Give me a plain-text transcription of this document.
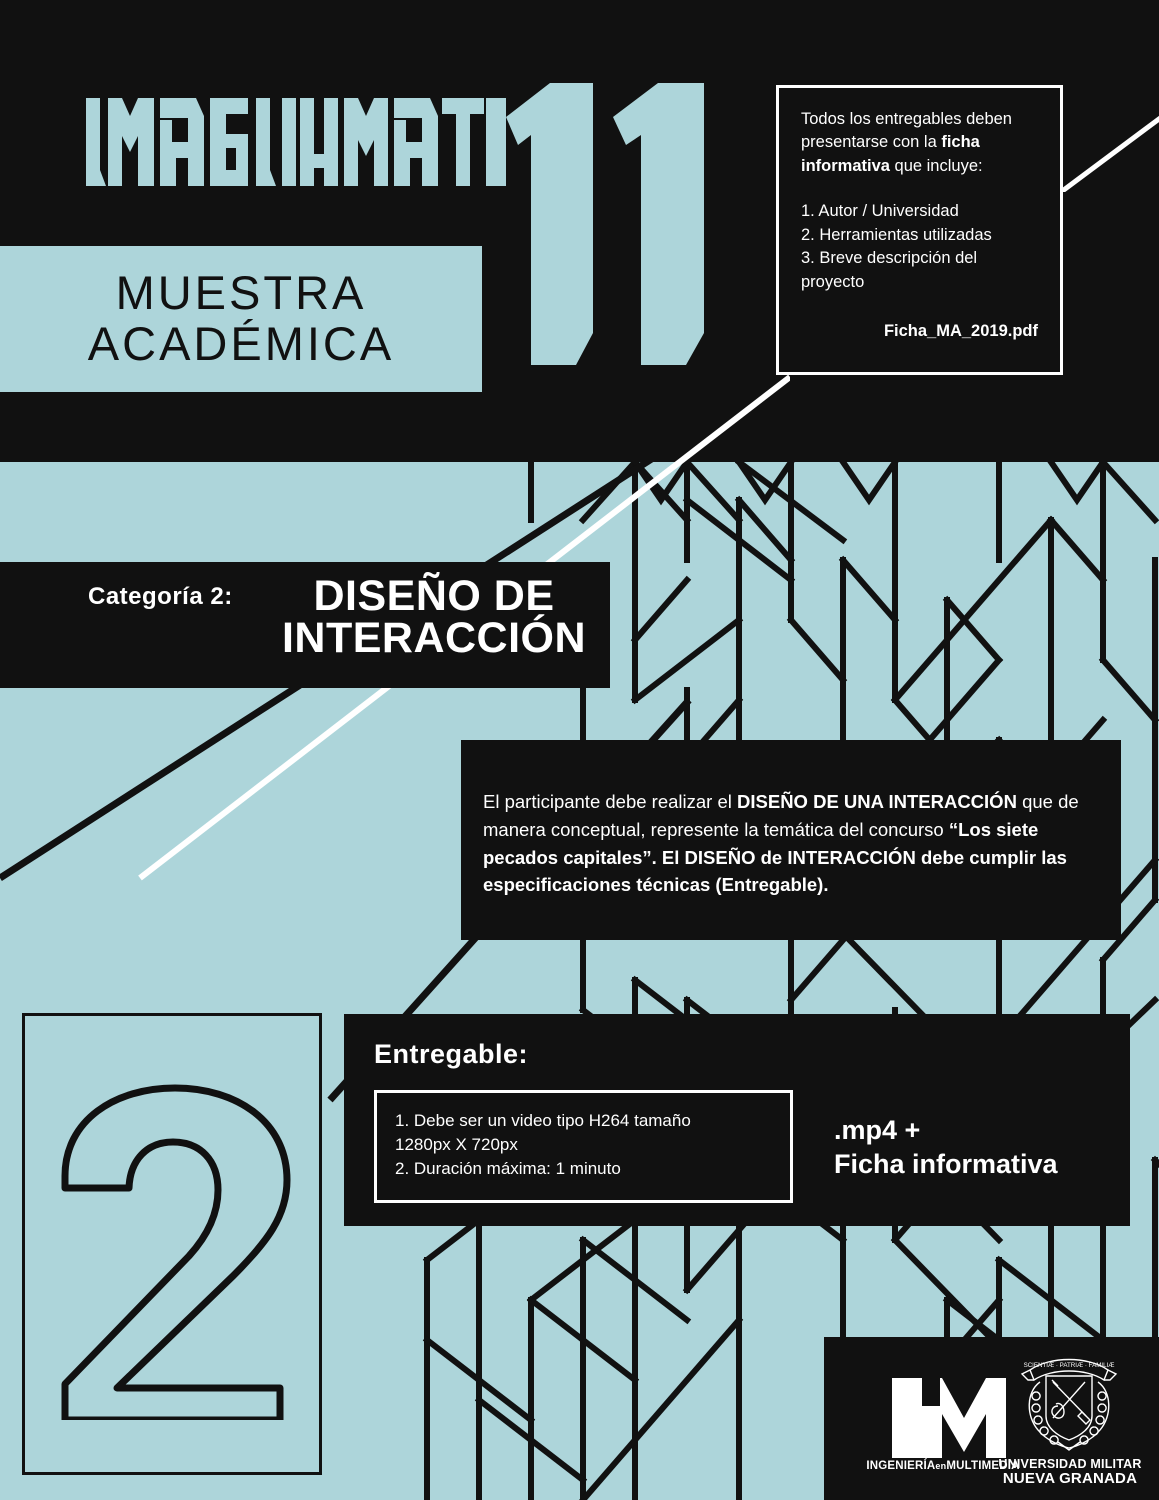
MUESTRA
ACADÉMICA

Todos los entregables deben presentarse con la ficha informativa que incluye:

1. Autor / Universidad
2. Herramientas utilizadas
3. Breve descripción del proyecto

Ficha_MA_2019.pdf

Categoría 2:	DISEÑO DE
INTERACCIÓN

El participante debe realizar el DISEÑO DE UNA INTERACCIÓN que de manera conceptual, represente la temática del concurso “Los siete pecados capitales”. El DISEÑO de INTERACCIÓN debe cumplir las especificaciones técnicas (Entregable).

Entregable:

1. Debe ser un video tipo H264 tamaño
1280px X 720px

2. Duración máxima: 1 minuto

.mp4 +
Ficha informativa
INGENIERÍAenMULTIMEDIA
SCIENTIÆ · PATRIÆ · FAMILIÆ
UNIVERSIDAD MILITAR
NUEVA GRANADA
